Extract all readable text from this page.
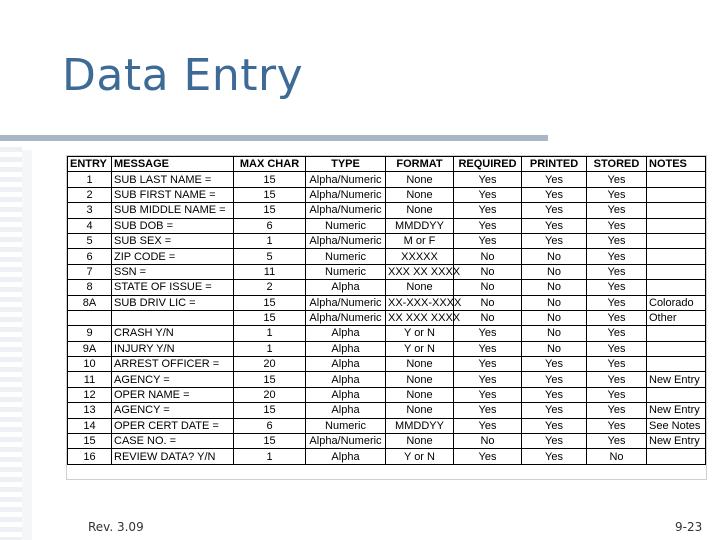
Data Entry
ENTRY	MESSAGE	MAX CHAR	TYPE	FORMAT	REQUIRED	PRINTED	STORED	NOTES
1	SUB LAST NAME =	15	Alpha/Numeric	None	Yes	Yes	Yes	
2	SUB FIRST NAME =	15	Alpha/Numeric	None	Yes	Yes	Yes	
3	SUB MIDDLE NAME =	15	Alpha/Numeric	None	Yes	Yes	Yes	
4	SUB DOB =	6	Numeric	MMDDYY	Yes	Yes	Yes	
5	SUB SEX =	1	Alpha/Numeric	M or F	Yes	Yes	Yes	
6	ZIP CODE =	5	Numeric	XXXXX	No	No	Yes	
7	SSN =	11	Numeric	XXX XX XXXX	No	No	Yes	
8	STATE OF ISSUE =	2	Alpha	None	No	No	Yes	
8A	SUB DRIV LIC =	15	Alpha/Numeric	XX-XXX-XXXX	No	No	Yes	Colorado
		15	Alpha/Numeric	XX XXX XXXX	No	No	Yes	Other
9	CRASH Y/N	1	Alpha	Y or N	Yes	No	Yes	
9A	INJURY Y/N	1	Alpha	Y or N	Yes	No	Yes	
10	ARREST OFFICER =	20	Alpha	None	Yes	Yes	Yes	
11	AGENCY =	15	Alpha	None	Yes	Yes	Yes	New Entry
12	OPER NAME =	20	Alpha	None	Yes	Yes	Yes	
13	AGENCY =	15	Alpha	None	Yes	Yes	Yes	New Entry
14	OPER CERT DATE =	6	Numeric	MMDDYY	Yes	Yes	Yes	See Notes
15	CASE NO. =	15	Alpha/Numeric	None	No	Yes	Yes	New Entry
16	REVIEW DATA? Y/N	1	Alpha	Y or N	Yes	Yes	No	
Rev. 3.09	9-23
